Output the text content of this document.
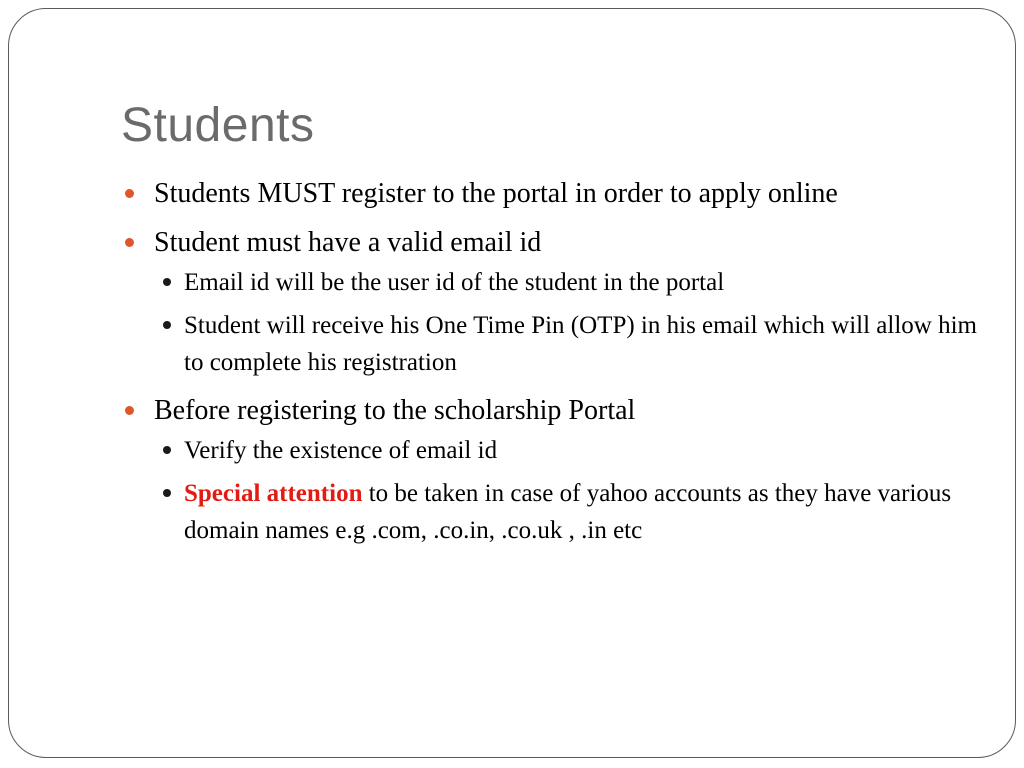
Students
Students MUST register to the portal in order to apply online
Student must have a valid email id
Email id will be the user id of the student in the portal
Student will receive his One Time Pin (OTP) in his email which will allow him to complete his registration
Before registering to the scholarship Portal
Verify the existence of email id
Special attention to be taken in case of yahoo accounts as they have various domain names e.g .com, .co.in, .co.uk , .in etc
